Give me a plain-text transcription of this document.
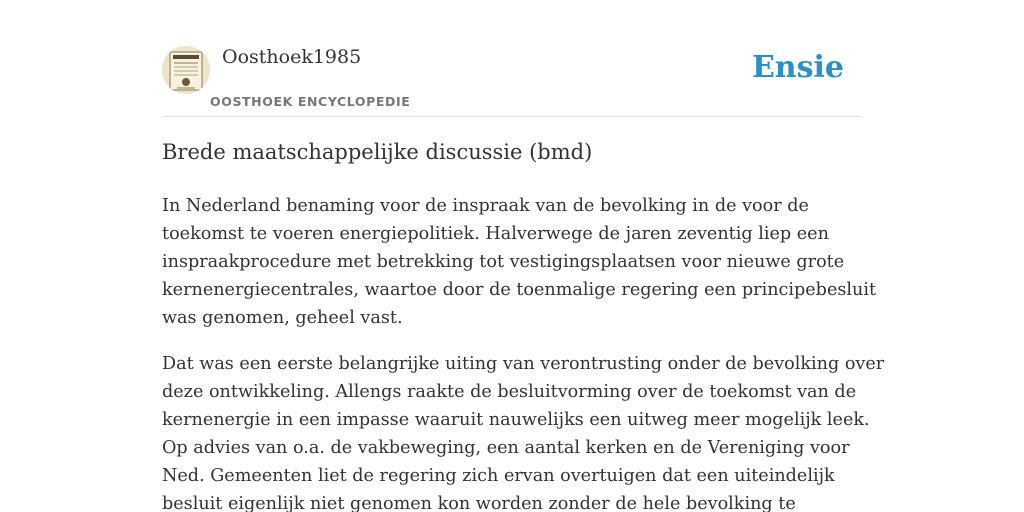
Oosthoek1985
OOSTHOEK ENCYCLOPEDIE
Ensie
Brede maatschappelijke discussie (bmd)

In Nederland benaming voor de inspraak van de bevolking in de voor de
toekomst te voeren energiepolitiek. Halverwege de jaren zeventig liep een
inspraakprocedure met betrekking tot vestigingsplaatsen voor nieuwe grote
kernenergiecentrales, waartoe door de toenmalige regering een principebesluit
was genomen, geheel vast.

Dat was een eerste belangrijke uiting van verontrusting onder de bevolking over
deze ontwikkeling. Allengs raakte de besluitvorming over de toekomst van de
kernenergie in een impasse waaruit nauwelijks een uitweg meer mogelijk leek.
Op advies van o.a. de vakbeweging, een aantal kerken en de Vereniging voor
Ned. Gemeenten liet de regering zich ervan overtuigen dat een uiteindelijk
besluit eigenlijk niet genomen kon worden zonder de hele bevolking te
